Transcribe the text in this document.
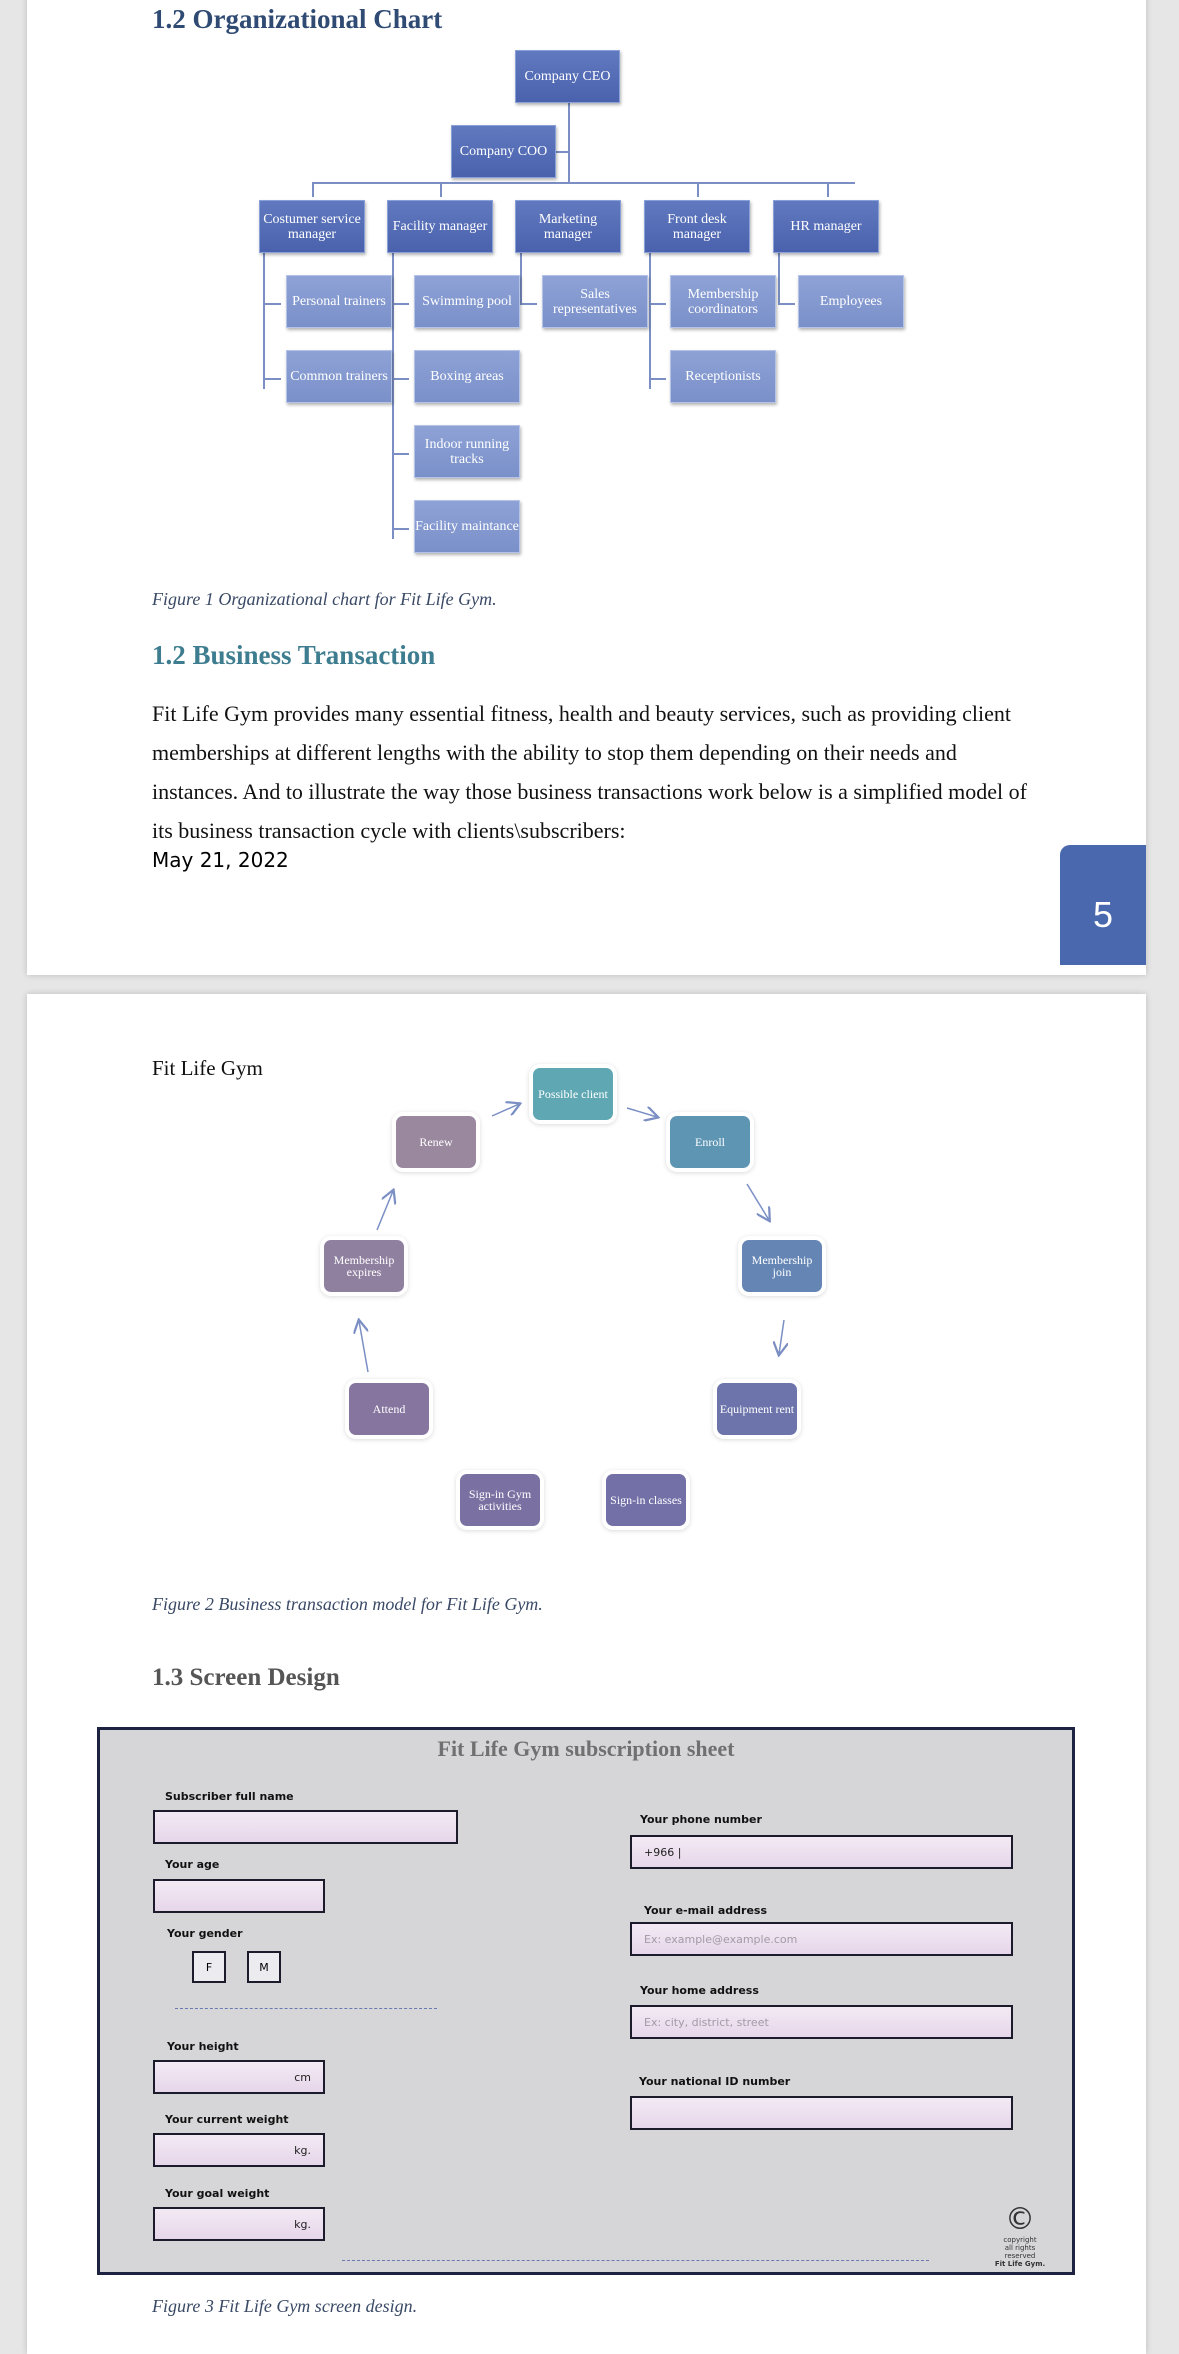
1.2 Organizational Chart
Company CEO
Company COO
Costumer service manager	Facility manager	Marketing manager
Front desk manager	HR manager
Personal trainers
Common trainers
Swimming pool
Boxing areas
Indoor running tracks
Facility maintance
Sales representatives
Membership coordinators
Receptionists
Employees
Figure 1 Organizational chart for Fit Life Gym.
1.2 Business Transaction
Fit Life Gym provides many essential fitness, health and beauty services, such as providing client memberships at different lengths with the ability to stop them depending on their needs and instances. And to illustrate the way those business transactions work below is a simplified model of its business transaction cycle with clients\subscribers:
May 21, 2022
5
Fit Life Gym
Possible client
Enroll
Membership join
Equipment rent
Sign-in classes
Sign-in Gym activities
Attend
Membership expires
Renew
Figure 2 Business transaction model for Fit Life Gym.
1.3 Screen Design
Fit Life Gym subscription sheet
Subscriber full name
Your age
Your gender
F	M
Your height
cm
Your current weight
kg.
Your goal weight
kg.
Your phone number
+966 |
Your e-mail address
Ex: example@example.com
Your home address
Ex: city, district, street
Your national ID number
©
copyright
all rights reserved
Fit Life Gym.
Figure 3 Fit Life Gym screen design.
